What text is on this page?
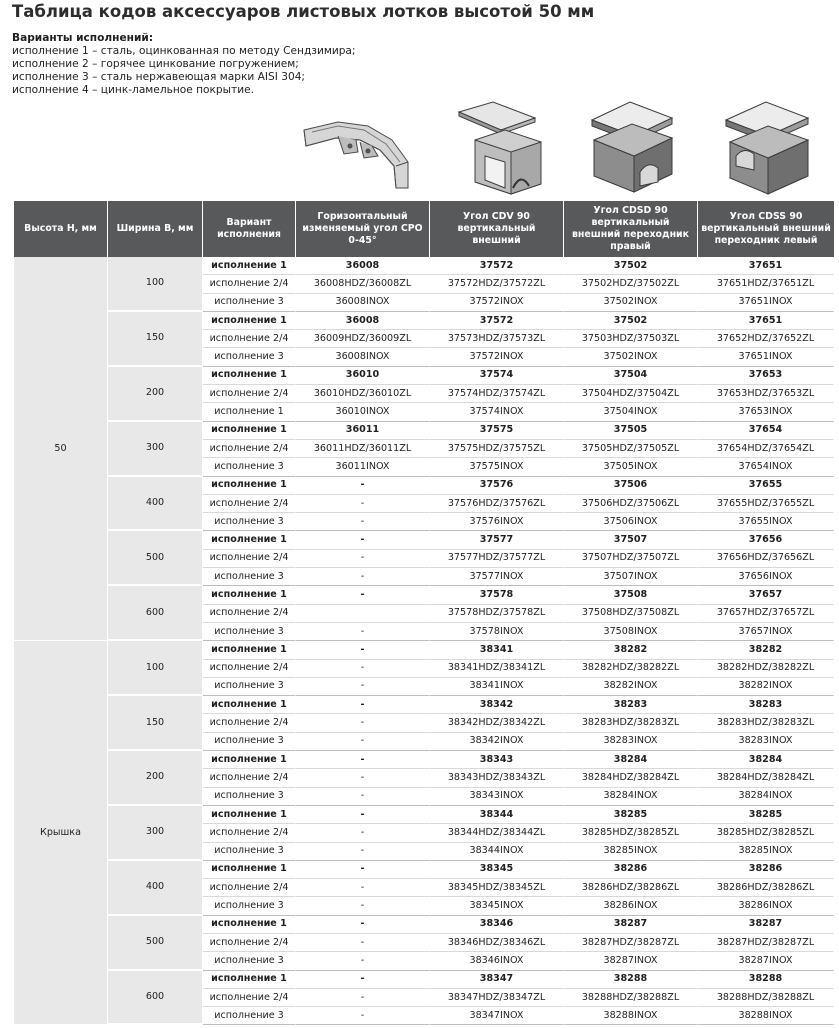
Таблица кодов аксессуаров листовых лотков высотой 50 мм
Варианты исполнений:
исполнение 1 – сталь, оцинкованная по методу Сендзимира;
исполнение 2 – горячее цинкование погружением;
исполнение 3 – сталь нержавеющая марки AISI 304;
исполнение 4 – цинк-ламельное покрытие.
Высота Н, мм	Ширина В, мм	Вариант исполнения	Горизонтальный изменяемый угол CPO 0-45°	Угол CDV 90 вертикальный внешний	Угол CDSD 90 вертикальный внешний переходник правый	Угол CDSS 90 вертикальный внешний переходник левый
50	100	исполнение 1	36008	37572	37502	37651
		исполнение 2/4	36008HDZ/36008ZL	37572HDZ/37572ZL	37502HDZ/37502ZL	37651HDZ/37651ZL
		исполнение 3	36008INOX	37572INOX	37502INOX	37651INOX
	150	исполнение 1	36008	37572	37502	37651
		исполнение 2/4	36009HDZ/36009ZL	37573HDZ/37573ZL	37503HDZ/37503ZL	37652HDZ/37652ZL
		исполнение 3	36008INOX	37572INOX	37502INOX	37651INOX
	200	исполнение 1	36010	37574	37504	37653
		исполнение 2/4	36010HDZ/36010ZL	37574HDZ/37574ZL	37504HDZ/37504ZL	37653HDZ/37653ZL
		исполнение 1	36010INOX	37574INOX	37504INOX	37653INOX
	300	исполнение 1	36011	37575	37505	37654
		исполнение 2/4	36011HDZ/36011ZL	37575HDZ/37575ZL	37505HDZ/37505ZL	37654HDZ/37654ZL
		исполнение 3	36011INOX	37575INOX	37505INOX	37654INOX
	400	исполнение 1	-	37576	37506	37655
		исполнение 2/4	-	37576HDZ/37576ZL	37506HDZ/37506ZL	37655HDZ/37655ZL
		исполнение 3	-	37576INOX	37506INOX	37655INOX
	500	исполнение 1	-	37577	37507	37656
		исполнение 2/4	-	37577HDZ/37577ZL	37507HDZ/37507ZL	37656HDZ/37656ZL
		исполнение 3	-	37577INOX	37507INOX	37656INOX
	600	исполнение 1	-	37578	37508	37657
		исполнение 2/4		37578HDZ/37578ZL	37508HDZ/37508ZL	37657HDZ/37657ZL
		исполнение 3	-	37578INOX	37508INOX	37657INOX
Крышка	100	исполнение 1	-	38341	38282	38282
		исполнение 2/4	-	38341HDZ/38341ZL	38282HDZ/38282ZL	38282HDZ/38282ZL
		исполнение 3	-	38341INOX	38282INOX	38282INOX
	150	исполнение 1	-	38342	38283	38283
		исполнение 2/4	-	38342HDZ/38342ZL	38283HDZ/38283ZL	38283HDZ/38283ZL
		исполнение 3	-	38342INOX	38283INOX	38283INOX
	200	исполнение 1	-	38343	38284	38284
		исполнение 2/4	-	38343HDZ/38343ZL	38284HDZ/38284ZL	38284HDZ/38284ZL
		исполнение 3	-	38343INOX	38284INOX	38284INOX
	300	исполнение 1	-	38344	38285	38285
		исполнение 2/4	-	38344HDZ/38344ZL	38285HDZ/38285ZL	38285HDZ/38285ZL
		исполнение 3	-	38344INOX	38285INOX	38285INOX
	400	исполнение 1	-	38345	38286	38286
		исполнение 2/4	-	38345HDZ/38345ZL	38286HDZ/38286ZL	38286HDZ/38286ZL
		исполнение 3	-	38345INOX	38286INOX	38286INOX
	500	исполнение 1	-	38346	38287	38287
		исполнение 2/4	-	38346HDZ/38346ZL	38287HDZ/38287ZL	38287HDZ/38287ZL
		исполнение 3	-	38346INOX	38287INOX	38287INOX
	600	исполнение 1	-	38347	38288	38288
		исполнение 2/4	-	38347HDZ/38347ZL	38288HDZ/38288ZL	38288HDZ/38288ZL
		исполнение 3	-	38347INOX	38288INOX	38288INOX
